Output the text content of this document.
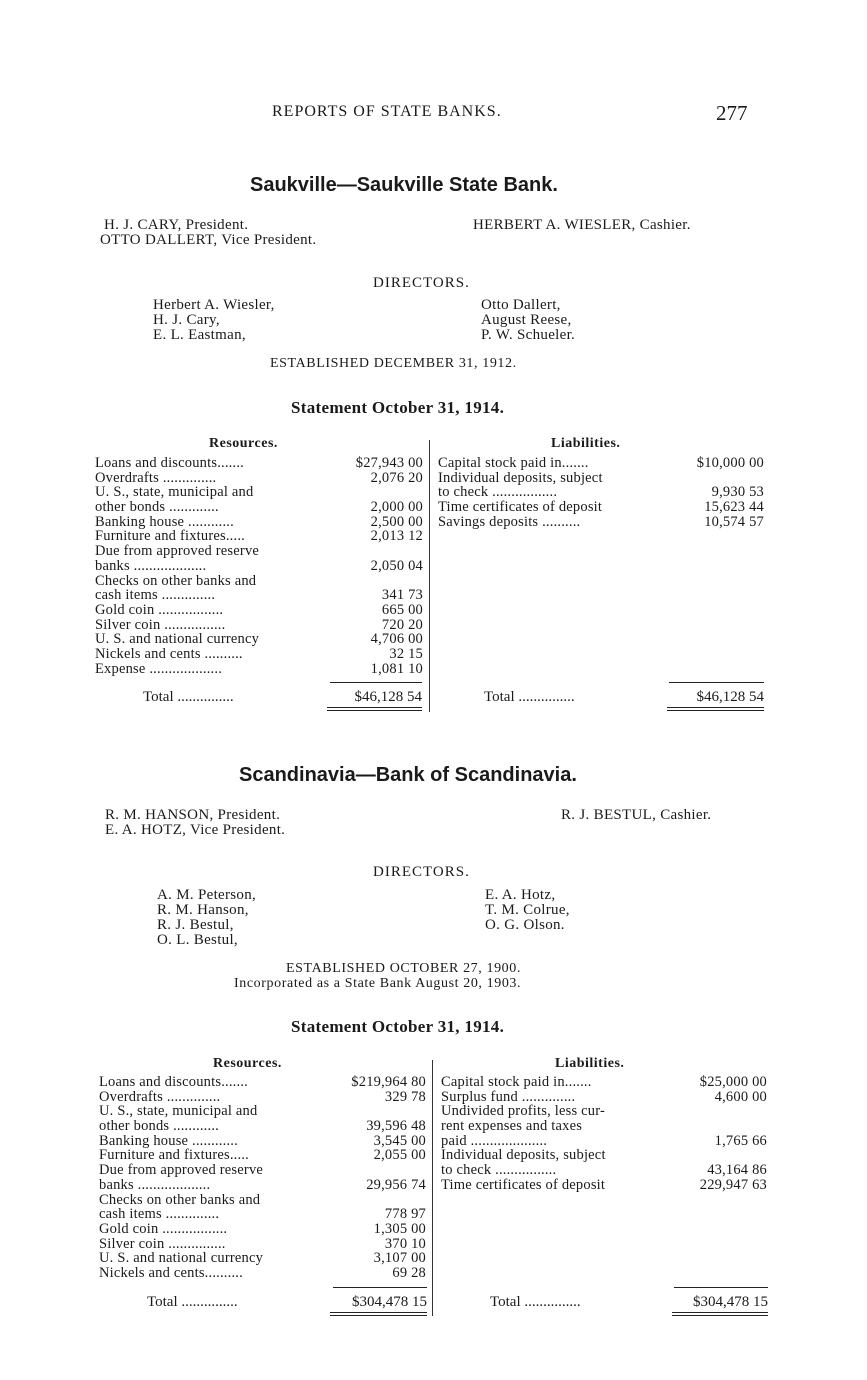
REPORTS OF STATE BANKS.	277
Saukville—Saukville State Bank.
H. J. CARY, President.
OTTO DALLERT, Vice President.
HERBERT A. WIESLER, Cashier.
DIRECTORS.
Herbert A. Wiesler,
H. J. Cary,
E. L. Eastman,
Otto Dallert,
August Reese,
P. W. Schueler.
ESTABLISHED DECEMBER 31, 1912.
Statement October 31, 1914.
Resources.	Liabilities.
Loans and discounts.......	$27,943 00
Overdrafts ..............	2,076 20
U. S., state, municipal and
other bonds .............	2,000 00
Banking house ............	2,500 00
Furniture and fixtures.....	2,013 12
Due from approved reserve
banks ...................	2,050 04
Checks on other banks and
cash items ..............	341 73
Gold coin .................	665 00
Silver coin ................	720 20
U. S. and national currency	4,706 00
Nickels and cents ..........	32 15
Expense ...................	1,081 10
Capital stock paid in.......	$10,000 00
Individual deposits, subject
to check .................	9,930 53
Time certificates of deposit	15,623 44
Savings deposits ..........	10,574 57
Total ...............	$46,128 54	Total ...............	$46,128 54
Scandinavia—Bank of Scandinavia.
R. M. HANSON, President.
E. A. HOTZ, Vice President.
R. J. BESTUL, Cashier.
DIRECTORS.
A. M. Peterson,
R. M. Hanson,
R. J. Bestul,
O. L. Bestul,
E. A. Hotz,
T. M. Colrue,
O. G. Olson.
ESTABLISHED OCTOBER 27, 1900.
Incorporated as a State Bank August 20, 1903.
Statement October 31, 1914.
Resources.	Liabilities.
Loans and discounts.......	$219,964 80
Overdrafts ..............	329 78
U. S., state, municipal and
other bonds ............	39,596 48
Banking house ............	3,545 00
Furniture and fixtures.....	2,055 00
Due from approved reserve
banks ...................	29,956 74
Checks on other banks and
cash items ..............	778 97
Gold coin .................	1,305 00
Silver coin ...............	370 10
U. S. and national currency	3,107 00
Nickels and cents..........	69 28
Capital stock paid in.......	$25,000 00
Surplus fund ..............	4,600 00
Undivided profits, less cur-
rent expenses and taxes
paid ....................	1,765 66
Individual deposits, subject
to check ................	43,164 86
Time certificates of deposit	229,947 63
Total ...............	$304,478 15	Total ...............	$304,478 15
